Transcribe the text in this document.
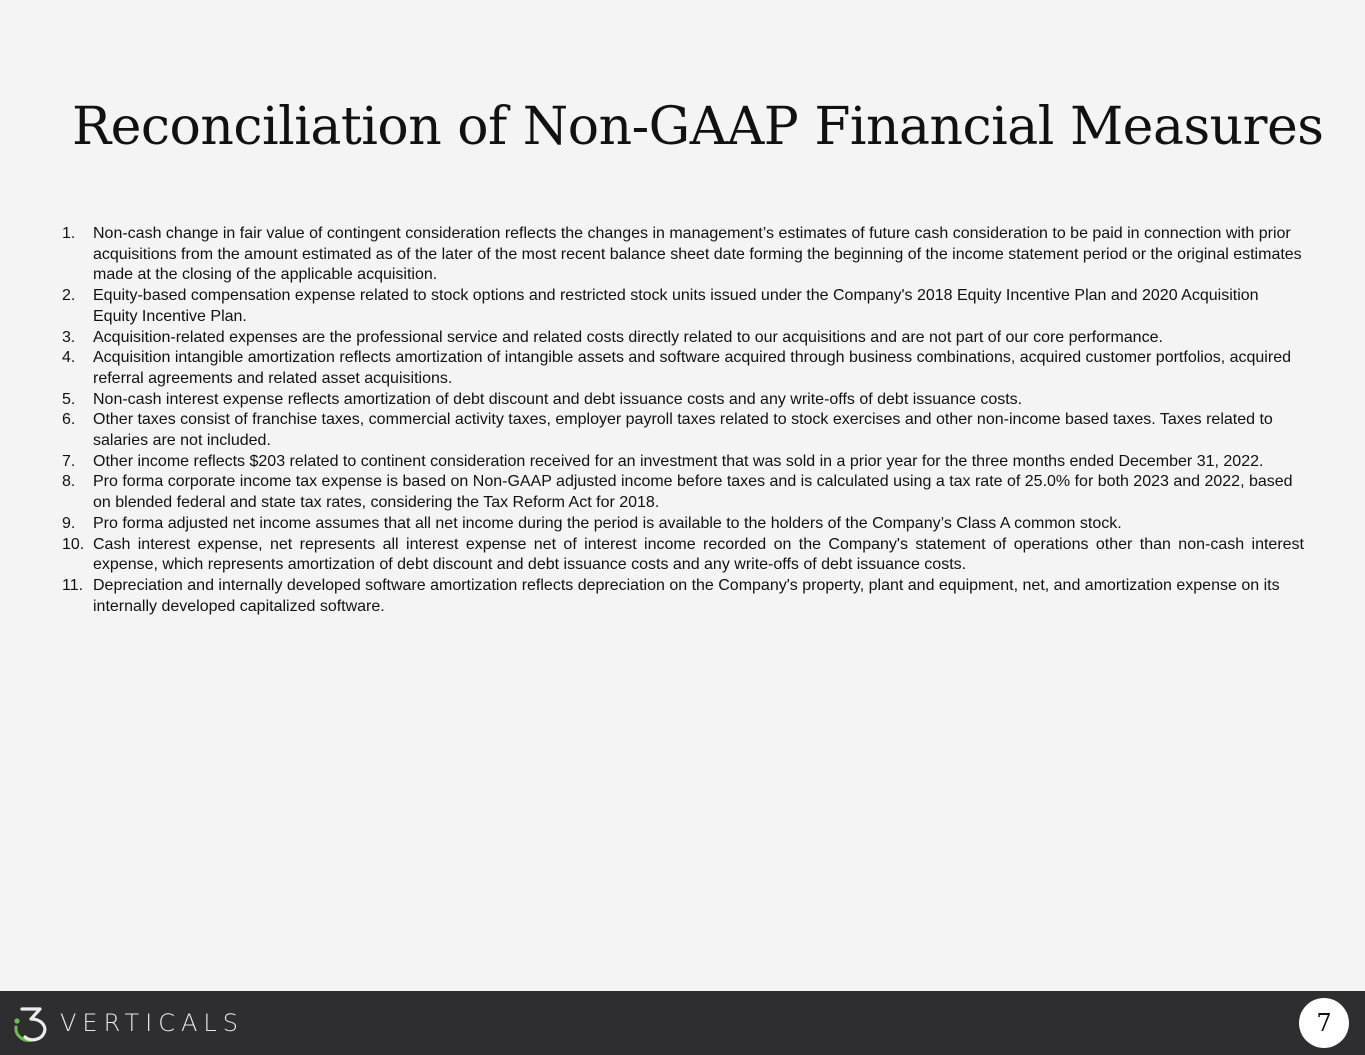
Reconciliation of Non-GAAP Financial Measures
1.	Non-cash change in fair value of contingent consideration reflects the changes in management’s estimates of future cash consideration to be paid in connection with prior acquisitions from the amount estimated as of the later of the most recent balance sheet date forming the beginning of the income statement period or the original estimates made at the closing of the applicable acquisition.
2.	Equity-based compensation expense related to stock options and restricted stock units issued under the Company's 2018 Equity Incentive Plan and 2020 Acquisition Equity Incentive Plan.
3.	Acquisition-related expenses are the professional service and related costs directly related to our acquisitions and are not part of our core performance.
4.	Acquisition intangible amortization reflects amortization of intangible assets and software acquired through business combinations, acquired customer portfolios, acquired referral agreements and related asset acquisitions.
5.	Non-cash interest expense reflects amortization of debt discount and debt issuance costs and any write-offs of debt issuance costs.
6.	Other taxes consist of franchise taxes, commercial activity taxes, employer payroll taxes related to stock exercises and other non-income based taxes. Taxes related to salaries are not included.
7.	Other income reflects $203 related to continent consideration received for an investment that was sold in a prior year for the three months ended December 31, 2022.
8.	Pro forma corporate income tax expense is based on Non-GAAP adjusted income before taxes and is calculated using a tax rate of 25.0% for both 2023 and 2022, based on blended federal and state tax rates, considering the Tax Reform Act for 2018.
9.	Pro forma adjusted net income assumes that all net income during the period is available to the holders of the Company’s Class A common stock.
10. Cash interest expense, net represents all interest expense net of interest income recorded on the Company's statement of operations other than non-cash interest expense, which represents amortization of debt discount and debt issuance costs and any write-offs of debt issuance costs.
11. Depreciation and internally developed software amortization reflects depreciation on the Company's property, plant and equipment, net, and amortization expense on its internally developed capitalized software.
VERTICALS	7
